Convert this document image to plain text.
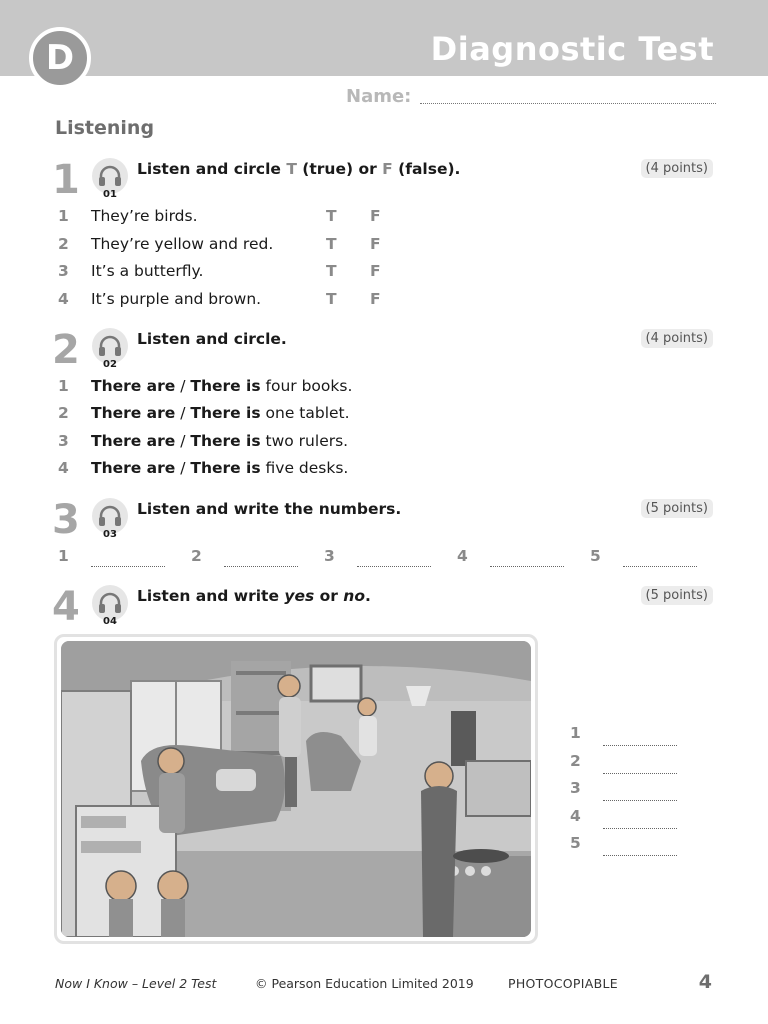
D	Diagnostic Test
Name:
Listening
1	01
Listen and circle T (true) or F (false).	(4 points)
1 They’re birds.	T F
2 They’re yellow and red.	T F
3 It’s a butterfly.	T F
4 It’s purple and brown.	T F
2	02
Listen and circle.	(4 points)
1 There are / There is four books.
2 There are / There is one tablet.
3 There are / There is two rulers.
4 There are / There is five desks.
3	03
Listen and write the numbers.	(5 points)
1	2	3	4	5
4	04
Listen and write yes or no.	(5 points)
1
2
3
4
5
Now I Know – Level 2 Test	© Pearson Education Limited 2019	PHOTOCOPIABLE	4
